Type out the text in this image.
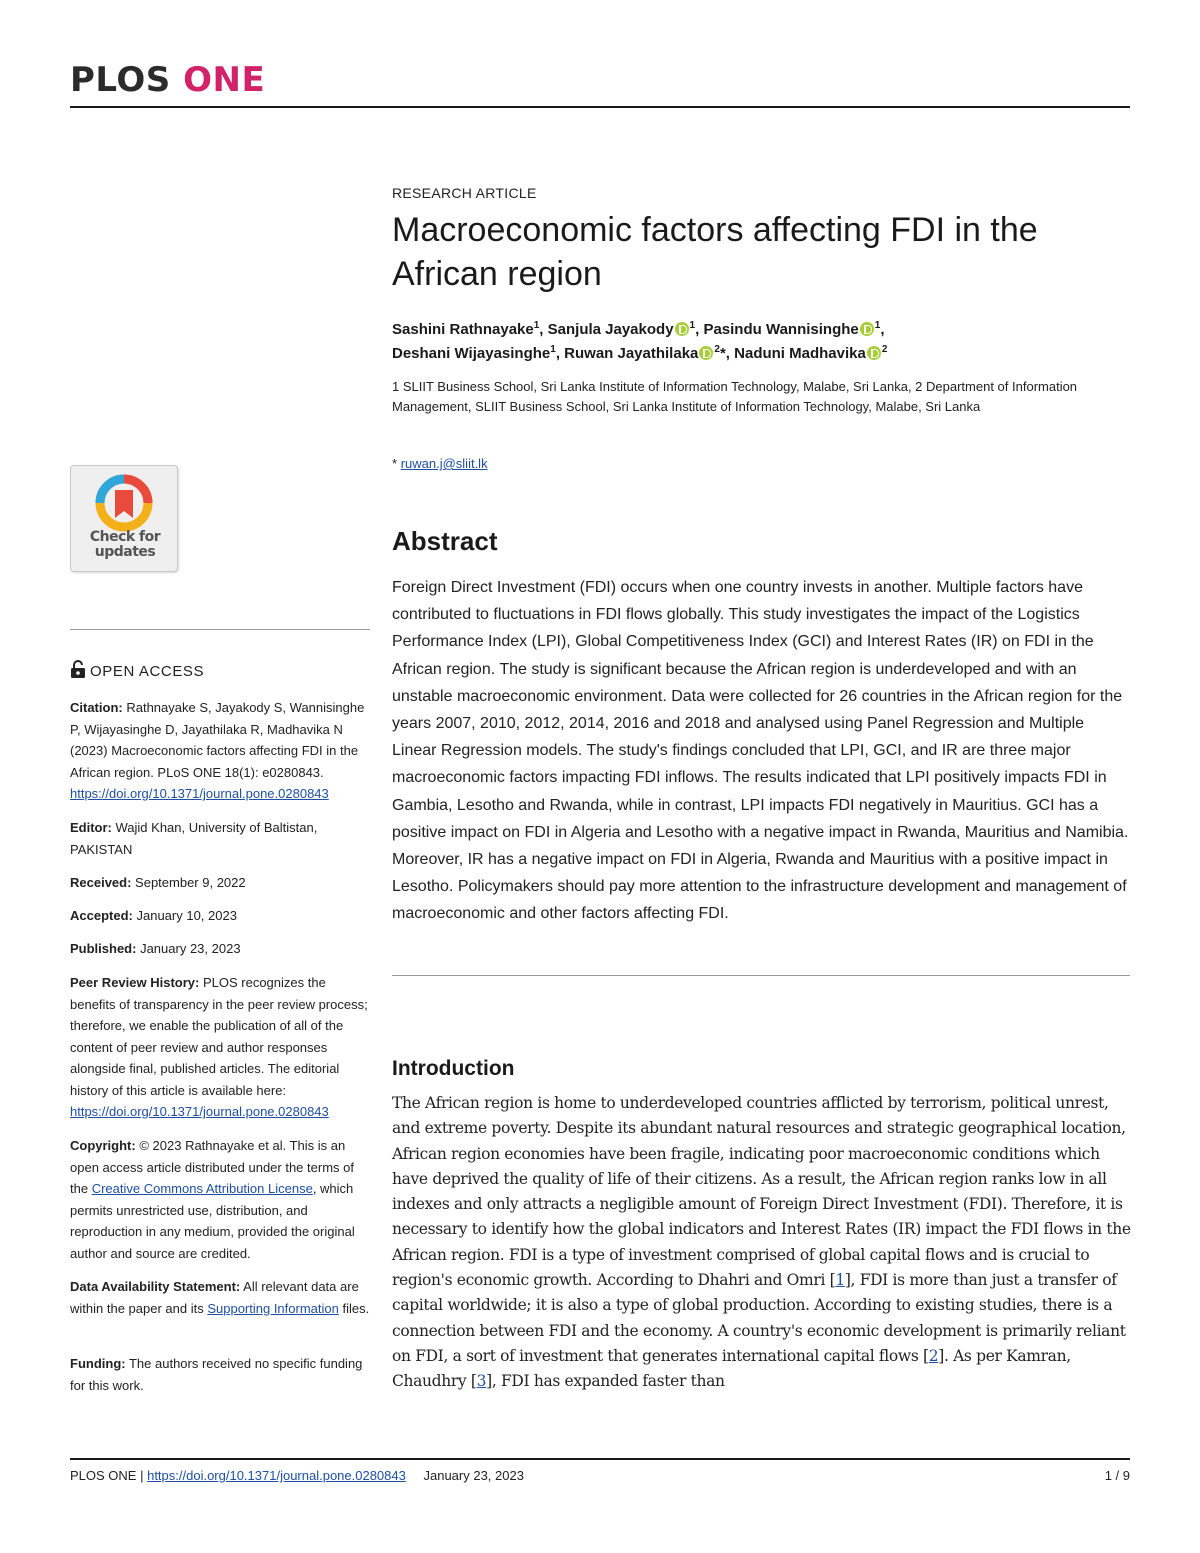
PLOS ONE
Check for
updates
OPEN ACCESS
Citation: Rathnayake S, Jayakody S, Wannisinghe P, Wijayasinghe D, Jayathilaka R, Madhavika N (2023) Macroeconomic factors affecting FDI in the African region. PLoS ONE 18(1): e0280843. https://doi.org/10.1371/journal.pone.0280843
Editor: Wajid Khan, University of Baltistan, PAKISTAN
Received: September 9, 2022
Accepted: January 10, 2023
Published: January 23, 2023
Peer Review History: PLOS recognizes the benefits of transparency in the peer review process; therefore, we enable the publication of all of the content of peer review and author responses alongside final, published articles. The editorial history of this article is available here: https://doi.org/10.1371/journal.pone.0280843
Copyright: © 2023 Rathnayake et al. This is an open access article distributed under the terms of the Creative Commons Attribution License, which permits unrestricted use, distribution, and reproduction in any medium, provided the original author and source are credited.
Data Availability Statement: All relevant data are within the paper and its Supporting Information files.
Funding: The authors received no specific funding for this work.
RESEARCH ARTICLE
Macroeconomic factors affecting FDI in the African region
Sashini Rathnayake$^1$, Sanjula Jayakody $^1$, Pasindu Wannisinghe $^1$,
Deshani Wijayasinghe$^1$, Ruwan Jayathilaka $^2$*, Naduni Madhavika $^2$
1 SLIIT Business School, Sri Lanka Institute of Information Technology, Malabe, Sri Lanka, 2 Department of Information Management, SLIIT Business School, Sri Lanka Institute of Information Technology, Malabe, Sri Lanka
* ruwan.j@sliit.lk
Abstract

Foreign Direct Investment (FDI) occurs when one country invests in another. Multiple factors have contributed to fluctuations in FDI flows globally. This study investigates the impact of the Logistics Performance Index (LPI), Global Competitiveness Index (GCI) and Interest Rates (IR) on FDI in the African region. The study is significant because the African region is underdeveloped and with an unstable macroeconomic environment. Data were collected for 26 countries in the African region for the years 2007, 2010, 2012, 2014, 2016 and 2018 and analysed using Panel Regression and Multiple Linear Regression models. The study's findings concluded that LPI, GCI, and IR are three major macroeconomic factors impacting FDI inflows. The results indicated that LPI positively impacts FDI in Gambia, Lesotho and Rwanda, while in contrast, LPI impacts FDI negatively in Mauritius. GCI has a positive impact on FDI in Algeria and Lesotho with a negative impact in Rwanda, Mauritius and Namibia. Moreover, IR has a negative impact on FDI in Algeria, Rwanda and Mauritius with a positive impact in Lesotho. Policymakers should pay more attention to the infrastructure development and management of macroeconomic and other factors affecting FDI.

Introduction

The African region is home to underdeveloped countries afflicted by terrorism, political unrest, and extreme poverty. Despite its abundant natural resources and strategic geographical location, African region economies have been fragile, indicating poor macroeconomic conditions which have deprived the quality of life of their citizens. As a result, the African region ranks low in all indexes and only attracts a negligible amount of Foreign Direct Investment (FDI). Therefore, it is necessary to identify how the global indicators and Interest Rates (IR) impact the FDI flows in the African region. FDI is a type of investment comprised of global capital flows and is crucial to region's economic growth. According to Dhahri and Omri [1], FDI is more than just a transfer of capital worldwide; it is also a type of global production. According to existing studies, there is a connection between FDI and the economy. A country's economic development is primarily reliant on FDI, a sort of investment that generates international capital flows [2]. As per Kamran, Chaudhry [3], FDI has expanded faster than

PLOS ONE | https://doi.org/10.1371/journal.pone.0280843 January 23, 2023	1 / 9
